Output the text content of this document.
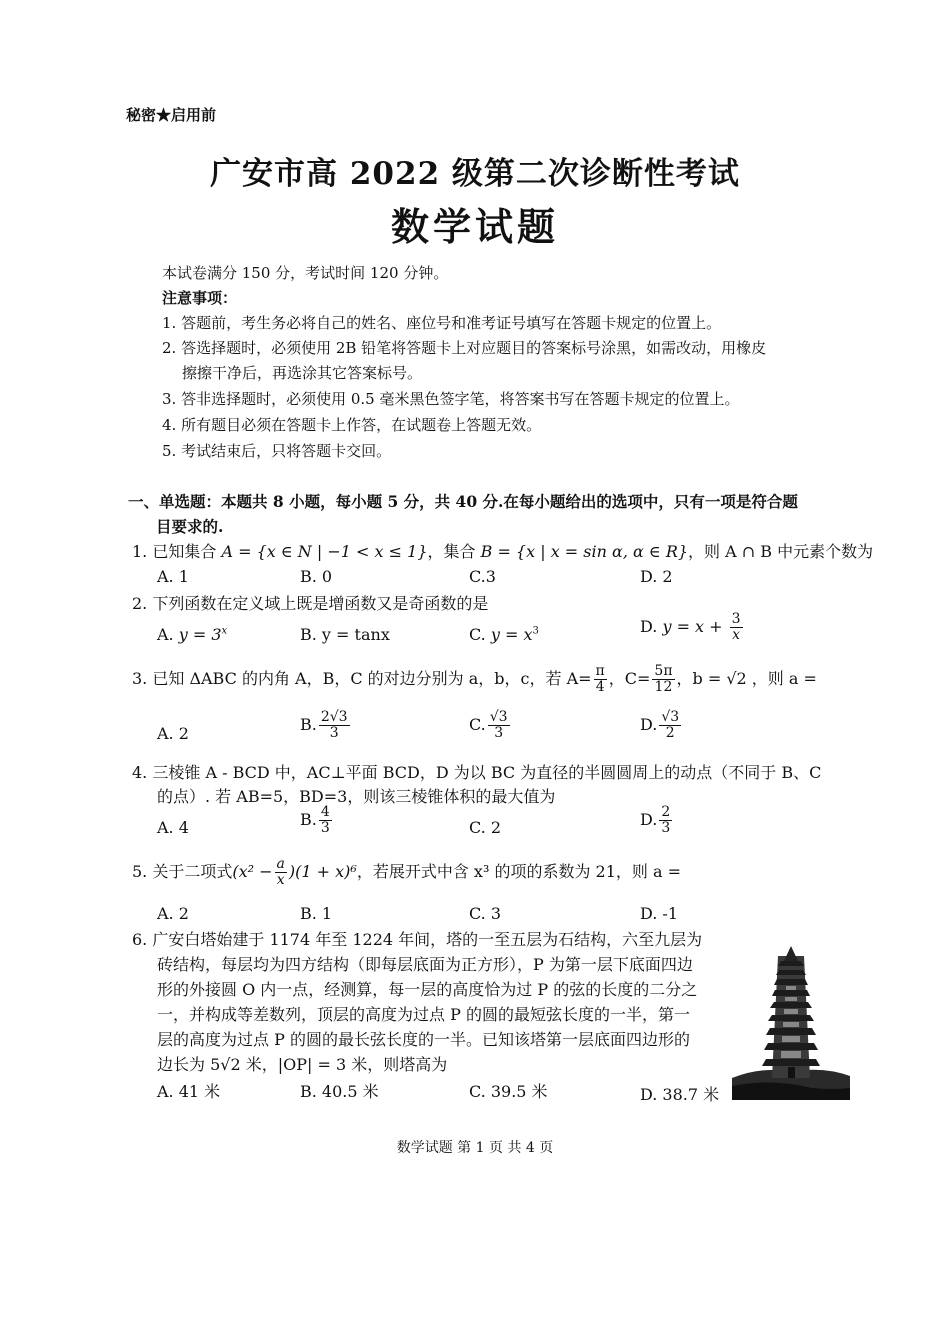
秘密★启用前
广安市高 2022 级第二次诊断性考试
数学试题
本试卷满分 150 分，考试时间 120 分钟。
注意事项：
1. 答题前，考生务必将自己的姓名、座位号和准考证号填写在答题卡规定的位置上。
2. 答选择题时，必须使用 2B 铅笔将答题卡上对应题目的答案标号涂黑，如需改动，用橡皮
擦擦干净后，再选涂其它答案标号。
3. 答非选择题时，必须使用 0.5 毫米黑色签字笔，将答案书写在答题卡规定的位置上。
4. 所有题目必须在答题卡上作答，在试题卷上答题无效。
5. 考试结束后，只将答题卡交回。
一、单选题：本题共 8 小题，每小题 5 分，共 40 分.在每小题给出的选项中，只有一项是符合题
目要求的.
1. 已知集合 A = {x ∈ N | −1 < x ≤ 1}，集合 B = {x | x = sin α, α ∈ R}，则 A ∩ B 中元素个数为
A. 1	B. 0	C.3	D. 2
2. 下列函数在定义域上既是增函数又是奇函数的是
A. $y = 3^x$	B. y = tanx	C. $y = x^3$	D. $y = x + \frac{3}{x}$
3. 已知 ΔABC 的内角 A，B，C 的对边分别为 a，b，c，若 $A= \frac{\pi}{4}$ ，$C= \frac{5\pi}{12}$ ，b = √2 ，则 a =
A. 2	B. $\frac{2√3}{3}$	C. $\frac{√3}{3}$	D. $\frac{√3}{2}$
4. 三棱锥 A - BCD 中，AC⊥平面 BCD，D 为以 BC 为直径的半圆圆周上的动点（不同于 B、C
的点）. 若 AB=5，BD=3，则该三棱锥体积的最大值为
A. 4	B. $\frac{4}{3}$	C. 2	D. $\frac{2}{3}$
5. 关于二项式$(x^2 - \frac{a}{x} )(1 + x)^6$，若展开式中含 x³ 的项的系数为 21，则 a =
A. 2	B. 1	C. 3	D. -1
6. 广安白塔始建于 1174 年至 1224 年间，塔的一至五层为石结构，六至九层为
砖结构，每层均为四方结构（即每层底面为正方形），P 为第一层下底面四边
形的外接圆 O 内一点，经测算，每一层的高度恰为过 P 的弦的长度的二分之
一，并构成等差数列，顶层的高度为过点 P 的圆的最短弦长度的一半，第一
层的高度为过点 P 的圆的最长弦长度的一半。已知该塔第一层底面四边形的
边长为 5√2 米，|OP| = 3 米，则塔高为
A. 41 米	B. 40.5 米	C. 39.5 米	D. 38.7 米
数学试题 第 1 页 共 4 页
